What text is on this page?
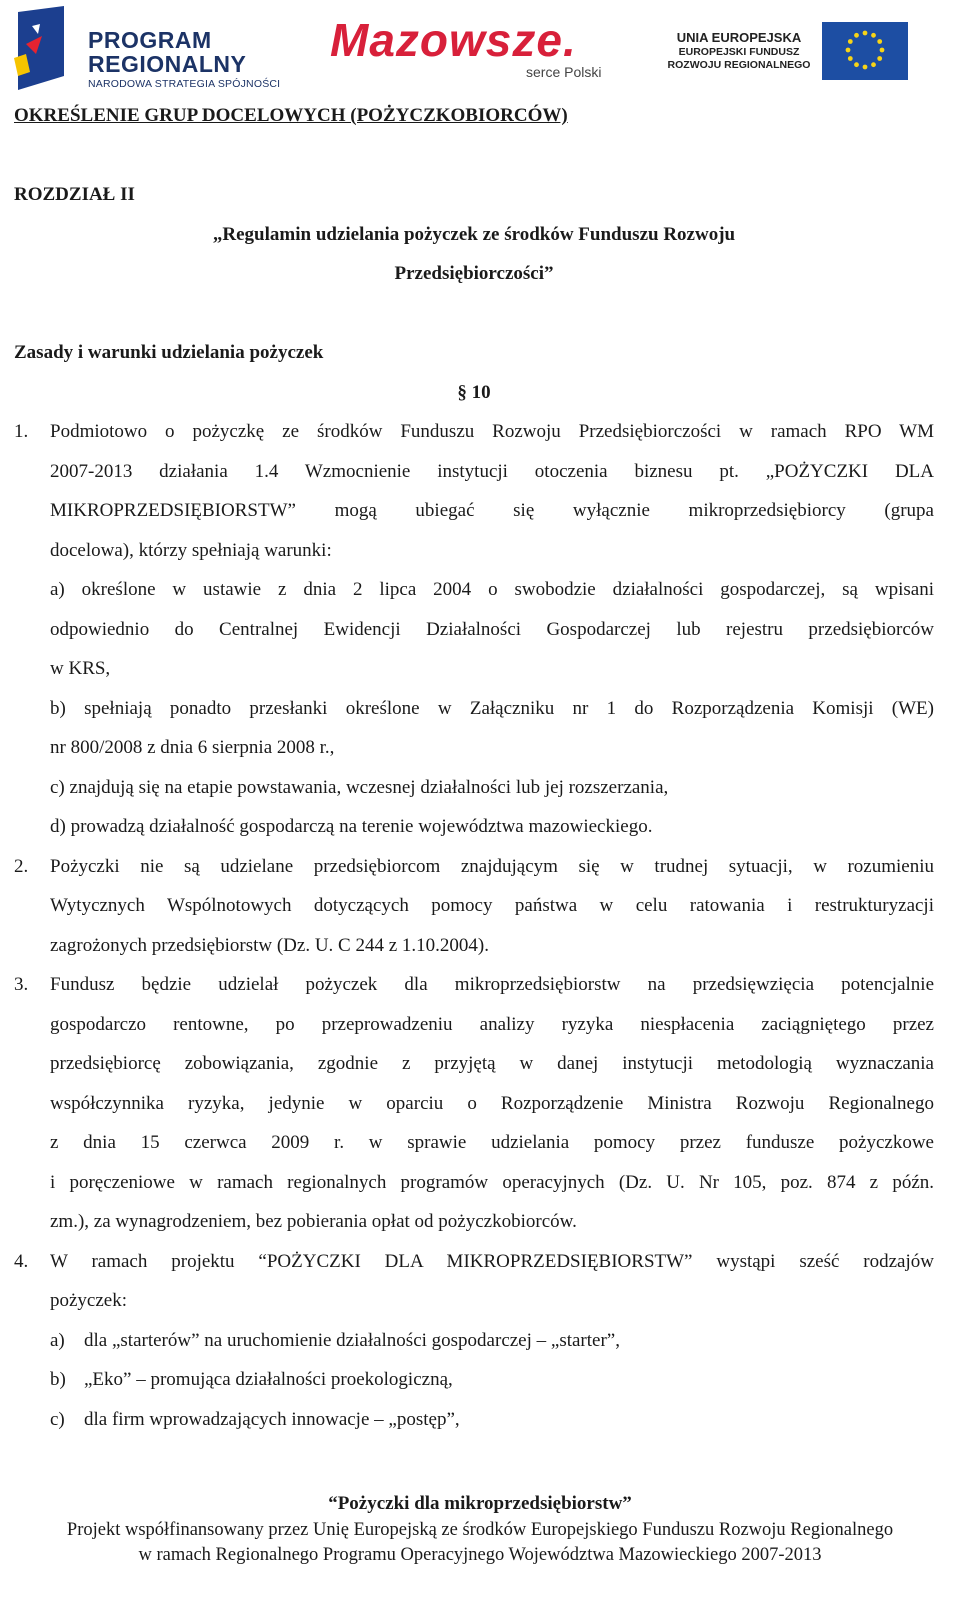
PROGRAM
REGIONALNY
NARODOWA STRATEGIA SPÓJNOŚCI
Mazowsze.
serce Polski
UNIA EUROPEJSKA
EUROPEJSKI FUNDUSZ
ROZWOJU REGIONALNEGO
OKREŚLENIE GRUP DOCELOWYCH (POŻYCZKOBIORCÓW)

ROZDZIAŁ II
„Regulamin udzielania pożyczek ze środków Funduszu Rozwoju
Przedsiębiorczości”

Zasady i warunki udzielania pożyczek
§ 10
1. Podmiotowo o pożyczkę ze środków Funduszu Rozwoju Przedsiębiorczości w ramach RPO WM
2007-2013 działania 1.4 Wzmocnienie instytucji otoczenia biznesu pt. „POŻYCZKI DLA
MIKROPRZEDSIĘBIORSTW” mogą ubiegać się wyłącznie mikroprzedsiębiorcy (grupa
docelowa), którzy spełniają warunki:
a) określone w ustawie z dnia 2 lipca 2004 o swobodzie działalności gospodarczej, są wpisani
odpowiednio do Centralnej Ewidencji Działalności Gospodarczej lub rejestru przedsiębiorców
w KRS,
b) spełniają ponadto przesłanki określone w Załączniku nr 1 do Rozporządzenia Komisji (WE)
nr 800/2008 z dnia 6 sierpnia 2008 r.,
c) znajdują się na etapie powstawania, wczesnej działalności lub jej rozszerzania,
d) prowadzą działalność gospodarczą na terenie województwa mazowieckiego.
2. Pożyczki nie są udzielane przedsiębiorcom znajdującym się w trudnej sytuacji, w rozumieniu
Wytycznych Wspólnotowych dotyczących pomocy państwa w celu ratowania i restrukturyzacji
zagrożonych przedsiębiorstw (Dz. U. C 244 z 1.10.2004).
3. Fundusz będzie udzielał pożyczek dla mikroprzedsiębiorstw na przedsięwzięcia potencjalnie
gospodarczo rentowne, po przeprowadzeniu analizy ryzyka niespłacenia zaciągniętego przez
przedsiębiorcę zobowiązania, zgodnie z przyjętą w danej instytucji metodologią wyznaczania
współczynnika ryzyka, jedynie w oparciu o Rozporządzenie Ministra Rozwoju Regionalnego
z dnia 15 czerwca 2009 r. w sprawie udzielania pomocy przez fundusze pożyczkowe
i poręczeniowe w ramach regionalnych programów operacyjnych (Dz. U. Nr 105, poz. 874 z późn.
zm.), za wynagrodzeniem, bez pobierania opłat od pożyczkobiorców.
4. W ramach projektu “POŻYCZKI DLA MIKROPRZEDSIĘBIORSTW” wystąpi sześć rodzajów
pożyczek:
a) dla „starterów” na uruchomienie działalności gospodarczej – „starter”,
b) „Eko” – promująca działalności proekologiczną,
c) dla firm wprowadzających innowacje – „postęp”,
“Pożyczki dla mikroprzedsiębiorstw”
Projekt współfinansowany przez Unię Europejską ze środków Europejskiego Funduszu Rozwoju Regionalnego
w ramach Regionalnego Programu Operacyjnego Województwa Mazowieckiego 2007-2013
